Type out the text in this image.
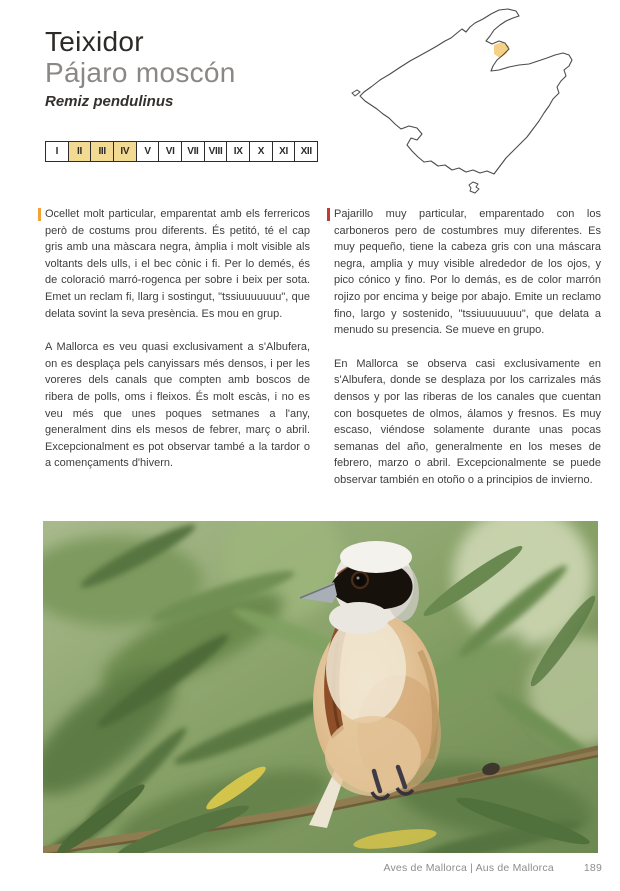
Teixidor
Pájaro moscón
Remiz pendulinus
I	II	III	IV	V	VI	VII	VIII	IX	X	XI	XII

Ocellet molt particular, emparentat amb els ferrericos però de costums prou diferents. És petitó, té el cap gris amb una màscara negra, àmplia i molt visible als voltants dels ulls, i el bec cònic i fi. Per lo demés, és de coloració marró-rogenca per sobre i beix per sota. Emet un reclam fi, llarg i sostingut, "tssiuuuuuuu", que delata sovint la seva presència. Es mou en grup.

A Mallorca es veu quasi exclusivament a s'Albufera, on es desplaça pels canyissars més densos, i per les voreres dels canals que compten amb boscos de ribera de polls, oms i fleixos. És molt escàs, i no es veu més que unes poques setmanes a l'any, generalment dins els mesos de febrer, març o abril. Excepcionalment es pot observar també a la tardor o a començaments d'hivern.

Pajarillo muy particular, emparentado con los carboneros pero de costumbres muy diferentes. Es muy pequeño, tiene la cabeza gris con una máscara negra, amplia y muy visible alrededor de los ojos, y pico cónico y fino. Por lo demás, es de color marrón rojizo por encima y beige por abajo. Emite un reclamo fino, largo y sostenido, "tssiuuuuuuu", que delata a menudo su presencia. Se mueve en grupo.

En Mallorca se observa casi exclusivamente en s'Albufera, donde se desplaza por los carrizales más densos y por las riberas de los canales que cuentan con bosquetes de olmos, álamos y fresnos. Es muy escaso, viéndose solamente durante unas pocas semanas del año, generalmente en los meses de febrero, marzo o abril. Excepcionalmente se puede observar también en otoño o a principios de invierno.

Aves de Mallorca | Aus de Mallorca	189
